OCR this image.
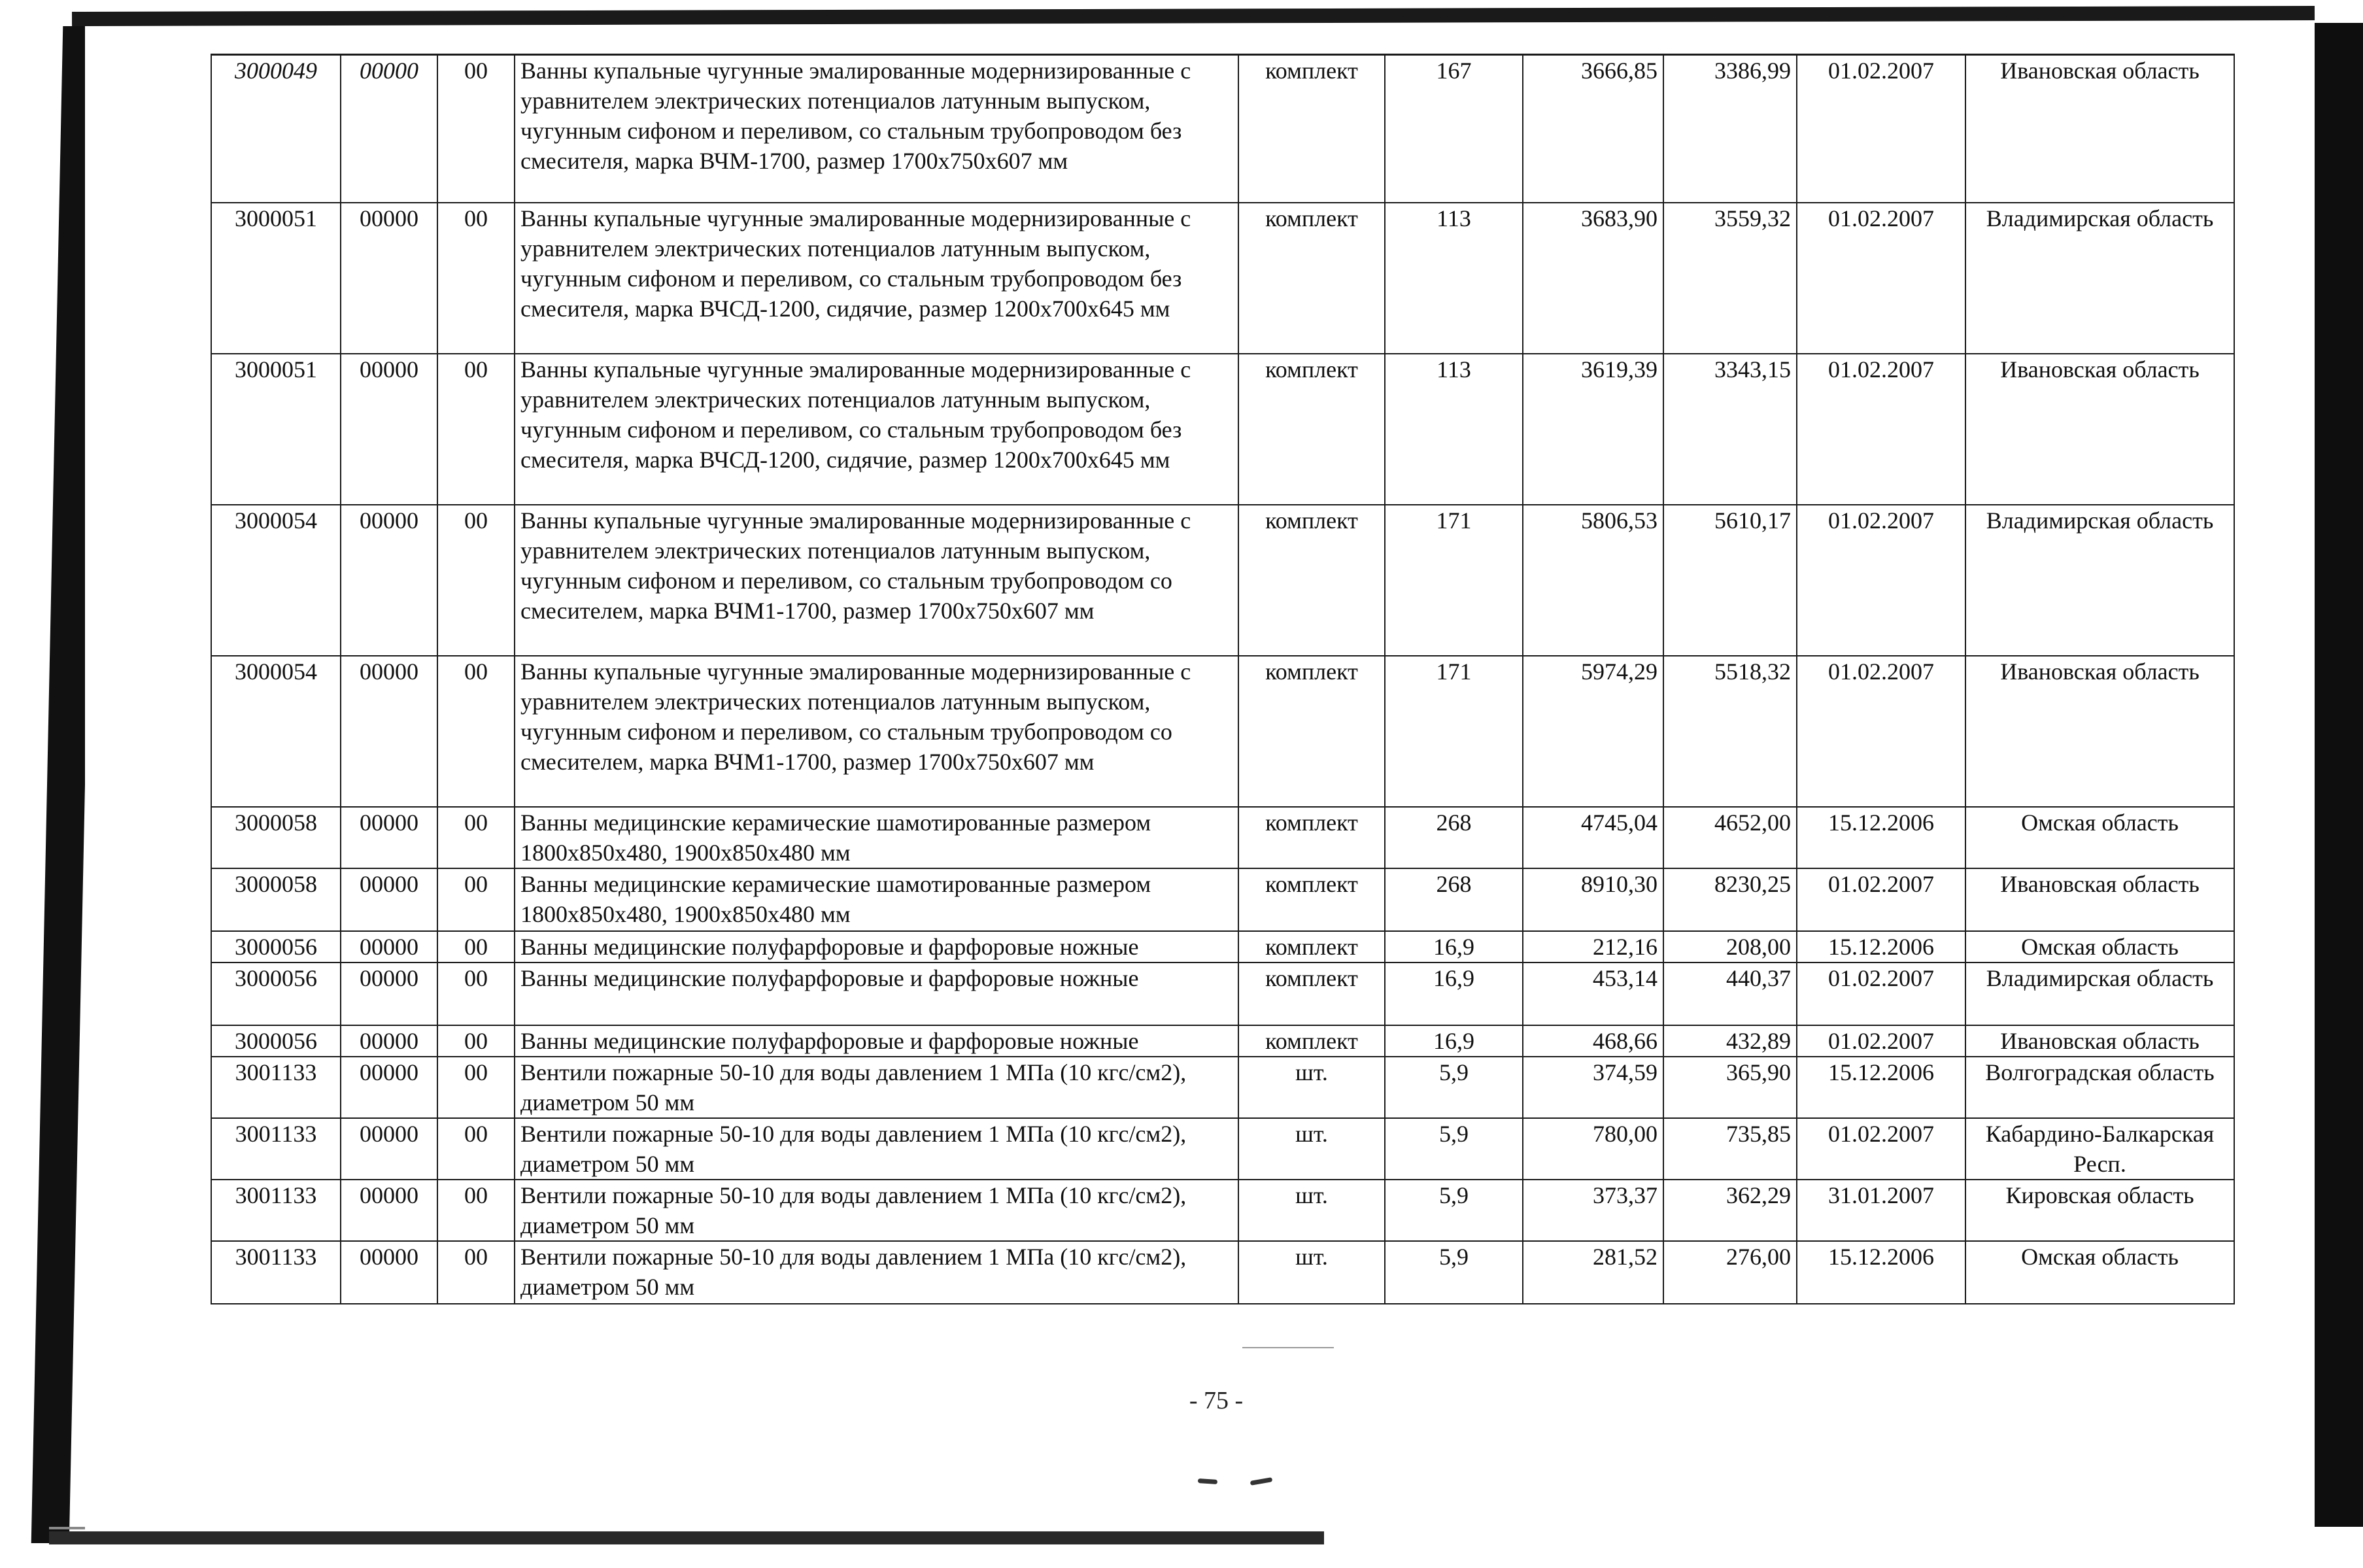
3000049	00000	00	Ванны купальные чугунные эмалированные модернизированные с уравнителем электрических потенциалов латунным выпуском, чугунным сифоном и переливом, со стальным трубопроводом без смесителя, марка ВЧМ-1700, размер 1700х750х607 мм	комплект	167	3666,85	3386,99	01.02.2007	Ивановская область
3000051	00000	00	Ванны купальные чугунные эмалированные модернизированные с уравнителем электрических потенциалов латунным выпуском, чугунным сифоном и переливом, со стальным трубопроводом без смесителя, марка ВЧСД-1200, сидячие, размер 1200х700х645 мм	комплект	113	3683,90	3559,32	01.02.2007	Владимирская область
3000051	00000	00	Ванны купальные чугунные эмалированные модернизированные с уравнителем электрических потенциалов латунным выпуском, чугунным сифоном и переливом, со стальным трубопроводом без смесителя, марка ВЧСД-1200, сидячие, размер 1200х700х645 мм	комплект	113	3619,39	3343,15	01.02.2007	Ивановская область
3000054	00000	00	Ванны купальные чугунные эмалированные модернизированные с уравнителем электрических потенциалов латунным выпуском, чугунным сифоном и переливом, со стальным трубопроводом со смесителем, марка ВЧМ1-1700, размер 1700х750х607 мм	комплект	171	5806,53	5610,17	01.02.2007	Владимирская область
3000054	00000	00	Ванны купальные чугунные эмалированные модернизированные с уравнителем электрических потенциалов латунным выпуском, чугунным сифоном и переливом, со стальным трубопроводом со смесителем, марка ВЧМ1-1700, размер 1700х750х607 мм	комплект	171	5974,29	5518,32	01.02.2007	Ивановская область
3000058	00000	00	Ванны медицинские керамические шамотированные размером 1800х850х480, 1900х850х480 мм	комплект	268	4745,04	4652,00	15.12.2006	Омская область
3000058	00000	00	Ванны медицинские керамические шамотированные размером 1800х850х480, 1900х850х480 мм	комплект	268	8910,30	8230,25	01.02.2007	Ивановская область
3000056	00000	00	Ванны медицинские полуфарфоровые и фарфоровые ножные	комплект	16,9	212,16	208,00	15.12.2006	Омская область
3000056	00000	00	Ванны медицинские полуфарфоровые и фарфоровые ножные	комплект	16,9	453,14	440,37	01.02.2007	Владимирская область
3000056	00000	00	Ванны медицинские полуфарфоровые и фарфоровые ножные	комплект	16,9	468,66	432,89	01.02.2007	Ивановская область
3001133	00000	00	Вентили пожарные 50-10 для воды давлением 1 МПа (10 кгс/см2), диаметром 50 мм	шт.	5,9	374,59	365,90	15.12.2006	Волгоградская область
3001133	00000	00	Вентили пожарные 50-10 для воды давлением 1 МПа (10 кгс/см2), диаметром 50 мм	шт.	5,9	780,00	735,85	01.02.2007	Кабардино-Балкарская Респ.
3001133	00000	00	Вентили пожарные 50-10 для воды давлением 1 МПа (10 кгс/см2), диаметром 50 мм	шт.	5,9	373,37	362,29	31.01.2007	Кировская область
3001133	00000	00	Вентили пожарные 50-10 для воды давлением 1 МПа (10 кгс/см2), диаметром 50 мм	шт.	5,9	281,52	276,00	15.12.2006	Омская область
- 75 -
